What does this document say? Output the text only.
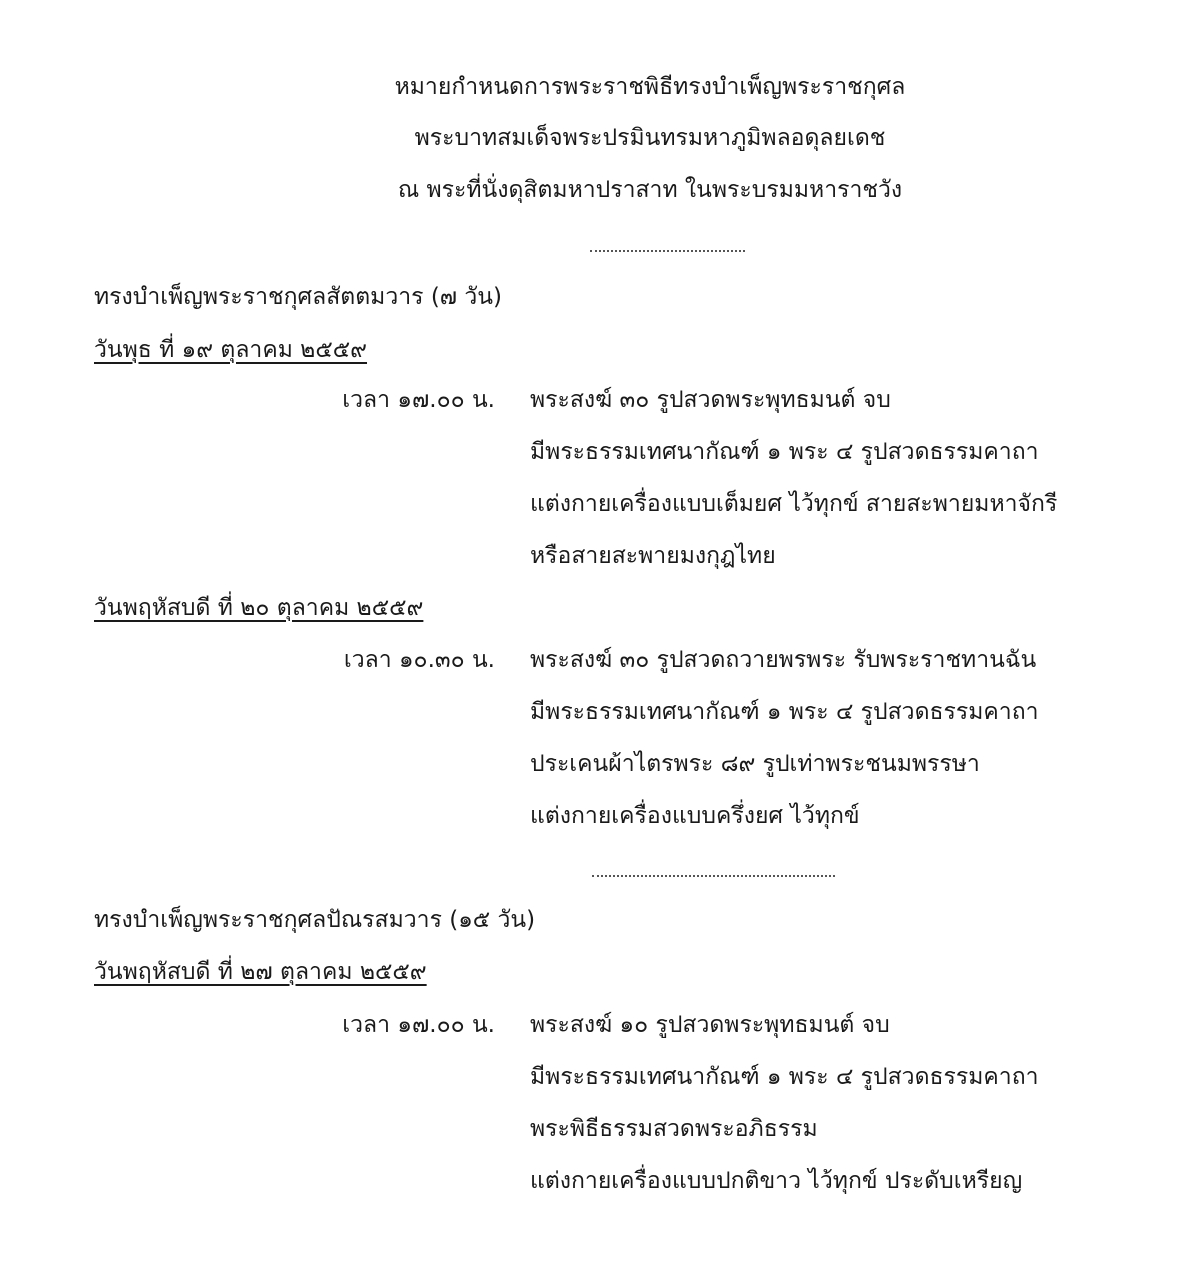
หมายกำหนดการพระราชพิธีทรงบำเพ็ญพระราชกุศล
พระบาทสมเด็จพระปรมินทรมหาภูมิพลอดุลยเดช
ณ พระที่นั่งดุสิตมหาปราสาท ในพระบรมมหาราชวัง
ทรงบำเพ็ญพระราชกุศลสัตตมวาร (๗ วัน)
วันพุธ ที่ ๑๙ ตุลาคม ๒๕๕๙
เวลา ๑๗.๐๐ น. พระสงฆ์ ๓๐ รูปสวดพระพุทธมนต์ จบ
มีพระธรรมเทศนากัณฑ์ ๑ พระ ๔ รูปสวดธรรมคาถา
แต่งกายเครื่องแบบเต็มยศ ไว้ทุกข์ สายสะพายมหาจักรี
หรือสายสะพายมงกุฎไทย
วันพฤหัสบดี ที่ ๒๐ ตุลาคม ๒๕๕๙
เวลา ๑๐.๓๐ น. พระสงฆ์ ๓๐ รูปสวดถวายพรพระ รับพระราชทานฉัน
มีพระธรรมเทศนากัณฑ์ ๑ พระ ๔ รูปสวดธรรมคาถา
ประเคนผ้าไตรพระ ๘๙ รูปเท่าพระชนมพรรษา
แต่งกายเครื่องแบบครึ่งยศ ไว้ทุกข์
ทรงบำเพ็ญพระราชกุศลปัณรสมวาร (๑๕ วัน)
วันพฤหัสบดี ที่ ๒๗ ตุลาคม ๒๕๕๙
เวลา ๑๗.๐๐ น. พระสงฆ์ ๑๐ รูปสวดพระพุทธมนต์ จบ
มีพระธรรมเทศนากัณฑ์ ๑ พระ ๔ รูปสวดธรรมคาถา
พระพิธีธรรมสวดพระอภิธรรม
แต่งกายเครื่องแบบปกติขาว ไว้ทุกข์ ประดับเหรียญ
